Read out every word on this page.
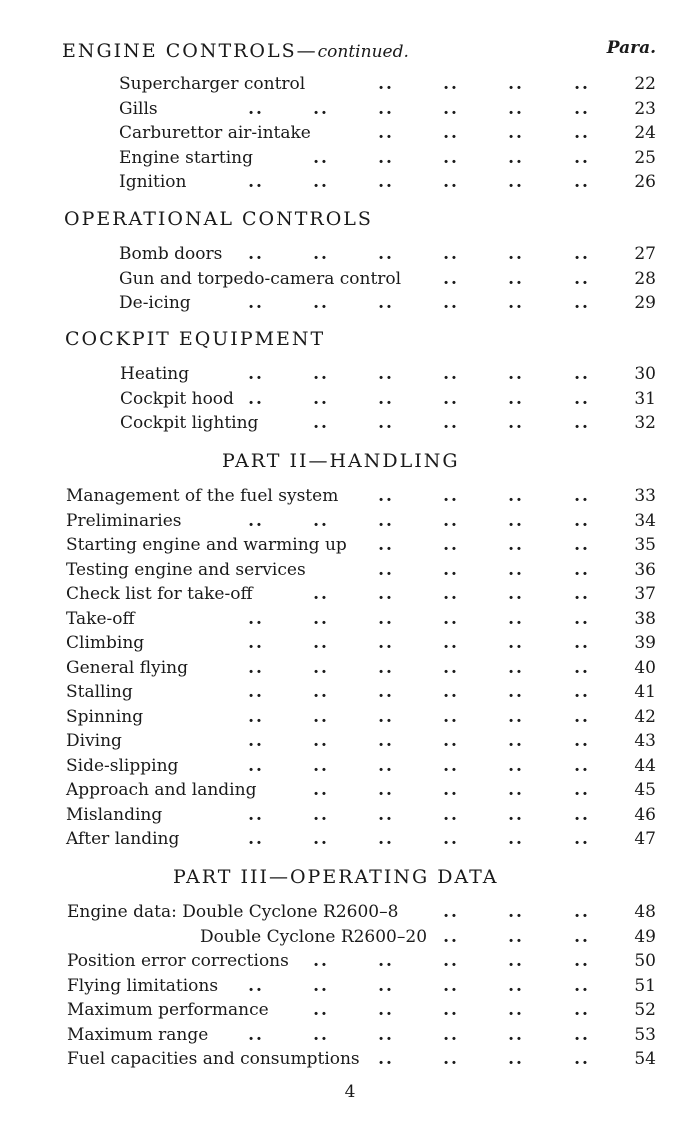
Para.
ENGINE CONTROLS—continued.
Supercharger control	..	..	..	..	22
Gills	..	..	..	..	..	..	23
Carburettor air-intake	..	..	..	..	24
Engine starting	..	..	..	..	..	25
Ignition	..	..	..	..	..	..	26
OPERATIONAL CONTROLS
Bomb doors ..	..	..	..	..	..	27
Gun and torpedo-camera control ..	..	..	28
De-icing	..	..	..	..	..	..	29
COCKPIT EQUIPMENT
Heating	..	..	..	..	..	..	30
Cockpit hood ..	..	..	..	..	..	31
Cockpit lighting	..	..	..	..	..	32
PART II—HANDLING
Management of the fuel system ..	..	..	..	33
Preliminaries	..	..	..	..	..	..	34
Starting engine and warming up ..	..	..	..	35
Testing engine and services	..	..	..	..	36
Check list for take-off	..	..	..	..	..	37
Take-off	..	..	..	..	..	..	38
Climbing	..	..	..	..	..	..	39
General flying	..	..	..	..	..	..	40
Stalling	..	..	..	..	..	..	41
Spinning	..	..	..	..	..	..	42
Diving	..	..	..	..	..	..	43
Side-slipping	..	..	..	..	..	..	44
Approach and landing	..	..	..	..	..	45
Mislanding	..	..	..	..	..	..	46
After landing	..	..	..	..	..	..	47
PART III—OPERATING DATA
Engine data: Double Cyclone R2600–8	..	..	..	48
Double Cyclone R2600–20 ..	..	..	49
Position error corrections ..	..	..	..	..	50
Flying limitations ..	..	..	..	..	..	51
Maximum performance	..	..	..	..	..	52
Maximum range ..	..	..	..	..	..	53
Fuel capacities and consumptions ..	..	..	..	54
4
